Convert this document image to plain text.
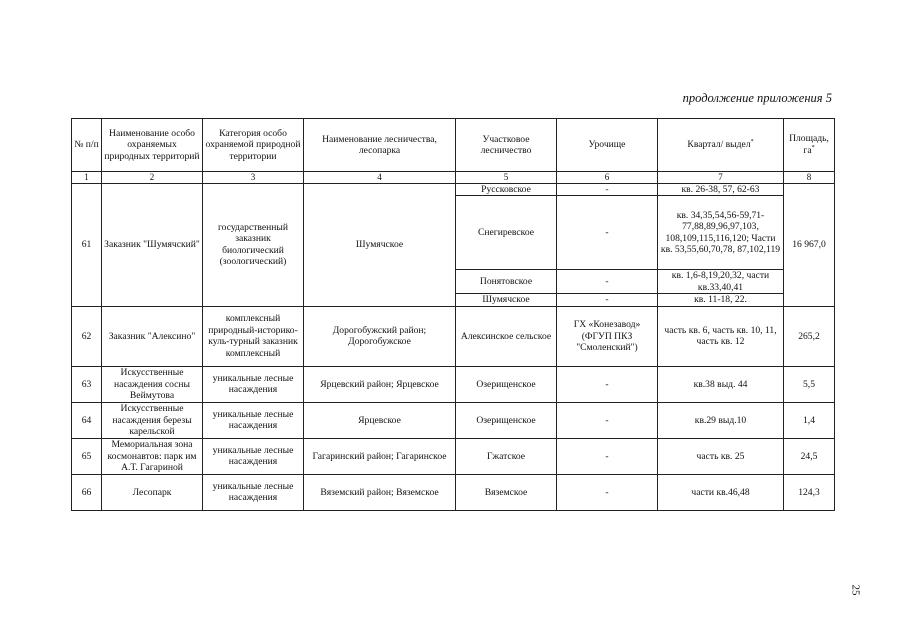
продолжение приложения 5
№ п/п	Наименование особо охраняемых природных территорий	Категория особо охраняемой природной территории	Наименование лесничества, лесопарка	Участковое лесничество	Урочище	Квартал/ выдел*	Площадь, га*
1	2	3	4	5	6	7	8
61	Заказник "Шумячский"	государственный заказник биологический (зоологический)	Шумячское	Руссковское	-	кв. 26-38, 57, 62-63	16 967,0
				Снегиревское	-	кв. 34,35,54,56-59,71-77,88,89,96,97,103, 108,109,115,116,120; Части кв. 53,55,60,70,78, 87,102,119	
				Понятовское	-	кв. 1,6-8,19,20,32, части кв.33,40,41	
				Шумячское	-	кв. 11-18, 22.	
62	Заказник "Алексино"	комплексный природный-историко-куль-турный заказник комплексный	Дорогобужский район; Дорогобужское	Алексинское сельское	ГХ «Конезавод» (ФГУП ПКЗ "Смоленский")	часть кв. 6, часть кв. 10, 11, часть кв. 12	265,2
63	Искусственные насаждения сосны Веймутова	уникальные лесные насаждения	Ярцевский район; Ярцевское	Озерищенское	-	кв.38 выд. 44	5,5
64	Искусственные насаждения березы карельской	уникальные лесные насаждения	Ярцевское	Озерищенское	-	кв.29 выд.10	1,4
65	Мемориальная зона космонавтов: парк им А.Т. Гагариной	уникальные лесные насаждения	Гагаринский район; Гагаринское	Гжатское	-	часть кв. 25	24,5
66	Лесопарк	уникальные лесные насаждения	Вяземский район; Вяземское	Вяземское	-	части кв.46,48	124,3
25
